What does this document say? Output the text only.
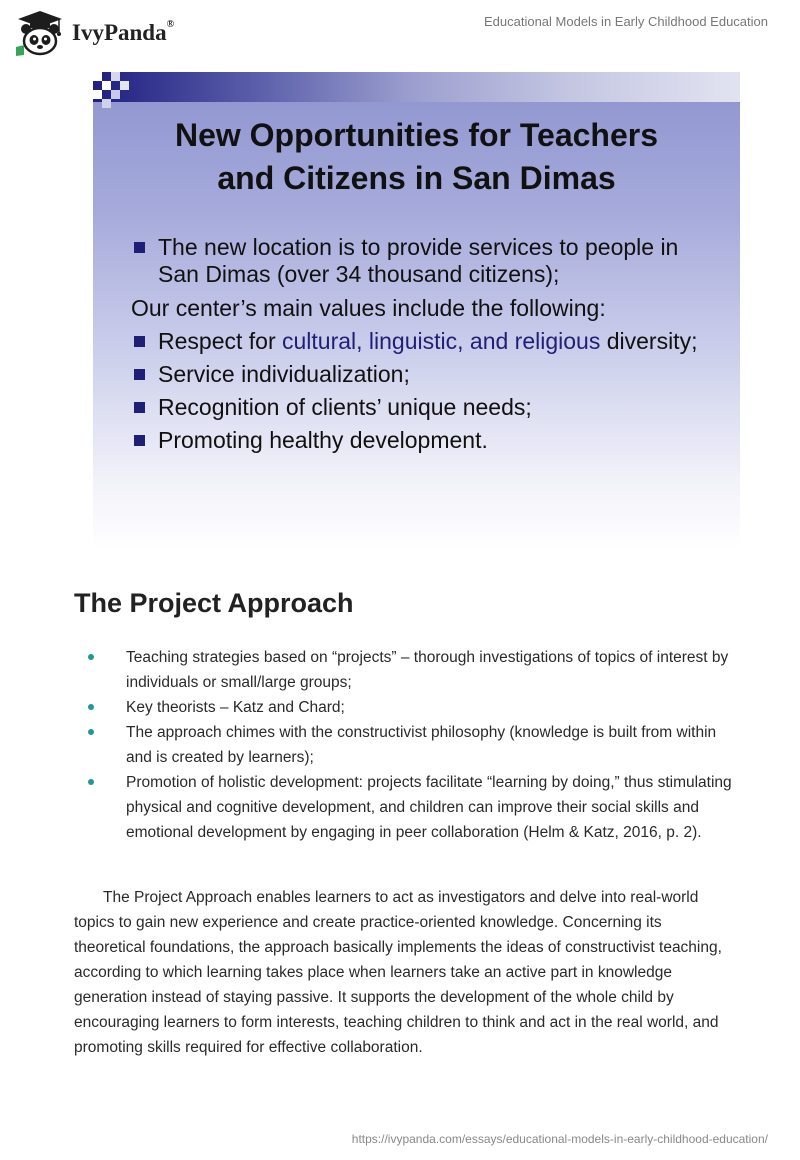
IvyPanda®	Educational Models in Early Childhood Education
New Opportunities for Teachers
and Citizens in San Dimas
The new location is to provide services to people in San Dimas (over 34 thousand citizens);
Our center’s main values include the following:
Respect for cultural, linguistic, and religious diversity;
Service individualization;
Recognition of clients’ unique needs;
Promoting healthy development.
The Project Approach
Teaching strategies based on “projects” – thorough investigations of topics of interest by individuals or small/large groups;
Key theorists – Katz and Chard;
The approach chimes with the constructivist philosophy (knowledge is built from within and is created by learners);
Promotion of holistic development: projects facilitate “learning by doing,” thus stimulating physical and cognitive development, and children can improve their social skills and emotional development by engaging in peer collaboration (Helm & Katz, 2016, p. 2).

The Project Approach enables learners to act as investigators and delve into real-world topics to gain new experience and create practice-oriented knowledge. Concerning its theoretical foundations, the approach basically implements the ideas of constructivist teaching, according to which learning takes place when learners take an active part in knowledge generation instead of staying passive. It supports the development of the whole child by encouraging learners to form interests, teaching children to think and act in the real world, and promoting skills required for effective collaboration.

https://ivypanda.com/essays/educational-models-in-early-childhood-education/
